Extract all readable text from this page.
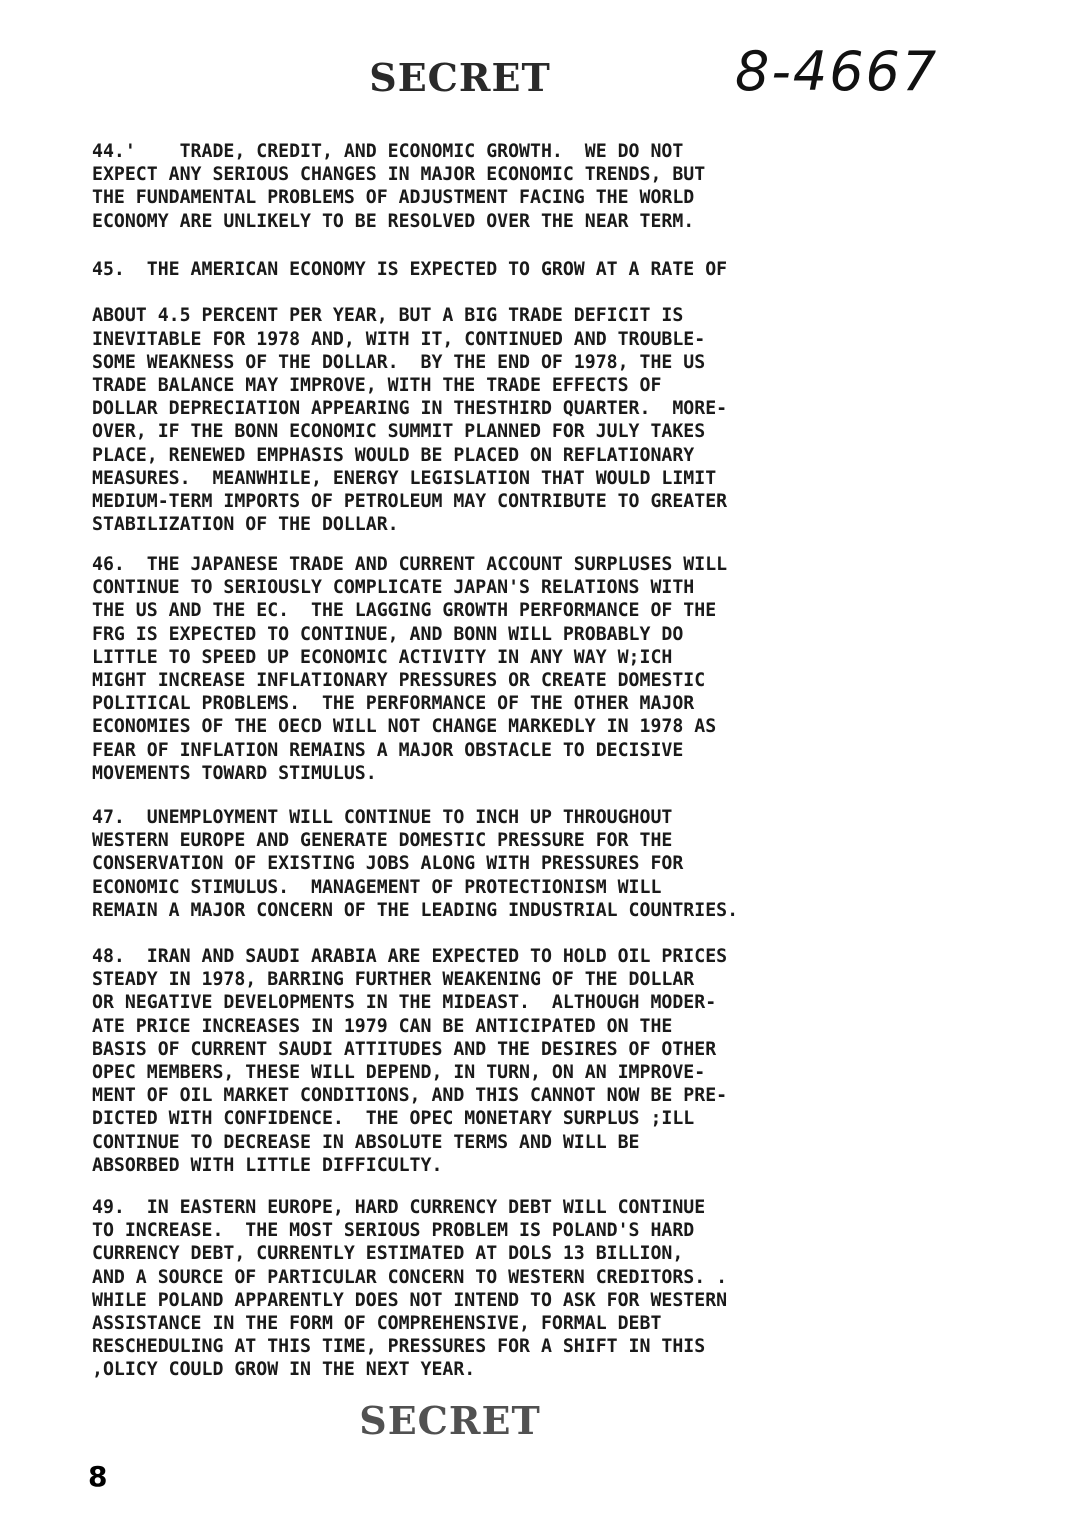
SECRET	8-4667

44.'    TRADE, CREDIT, AND ECONOMIC GROWTH.  WE DO NOT
EXPECT ANY SERIOUS CHANGES IN MAJOR ECONOMIC TRENDS, BUT
THE FUNDAMENTAL PROBLEMS OF ADJUSTMENT FACING THE WORLD
ECONOMY ARE UNLIKELY TO BE RESOLVED OVER THE NEAR TERM.

45.  THE AMERICAN ECONOMY IS EXPECTED TO GROW AT A RATE OF

ABOUT 4.5 PERCENT PER YEAR, BUT A BIG TRADE DEFICIT IS
INEVITABLE FOR 1978 AND, WITH IT, CONTINUED AND TROUBLE-
SOME WEAKNESS OF THE DOLLAR.  BY THE END OF 1978, THE US
TRADE BALANCE MAY IMPROVE, WITH THE TRADE EFFECTS OF
DOLLAR DEPRECIATION APPEARING IN THESTHIRD QUARTER.  MORE-
OVER, IF THE BONN ECONOMIC SUMMIT PLANNED FOR JULY TAKES
PLACE, RENEWED EMPHASIS WOULD BE PLACED ON REFLATIONARY
MEASURES.  MEANWHILE, ENERGY LEGISLATION THAT WOULD LIMIT
MEDIUM-TERM IMPORTS OF PETROLEUM MAY CONTRIBUTE TO GREATER
STABILIZATION OF THE DOLLAR.

46.  THE JAPANESE TRADE AND CURRENT ACCOUNT SURPLUSES WILL
CONTINUE TO SERIOUSLY COMPLICATE JAPAN'S RELATIONS WITH
THE US AND THE EC.  THE LAGGING GROWTH PERFORMANCE OF THE
FRG IS EXPECTED TO CONTINUE, AND BONN WILL PROBABLY DO
LITTLE TO SPEED UP ECONOMIC ACTIVITY IN ANY WAY W;ICH
MIGHT INCREASE INFLATIONARY PRESSURES OR CREATE DOMESTIC
POLITICAL PROBLEMS.  THE PERFORMANCE OF THE OTHER MAJOR
ECONOMIES OF THE OECD WILL NOT CHANGE MARKEDLY IN 1978 AS
FEAR OF INFLATION REMAINS A MAJOR OBSTACLE TO DECISIVE
MOVEMENTS TOWARD STIMULUS.

47.  UNEMPLOYMENT WILL CONTINUE TO INCH UP THROUGHOUT
WESTERN EUROPE AND GENERATE DOMESTIC PRESSURE FOR THE
CONSERVATION OF EXISTING JOBS ALONG WITH PRESSURES FOR
ECONOMIC STIMULUS.  MANAGEMENT OF PROTECTIONISM WILL
REMAIN A MAJOR CONCERN OF THE LEADING INDUSTRIAL COUNTRIES.

48.  IRAN AND SAUDI ARABIA ARE EXPECTED TO HOLD OIL PRICES
STEADY IN 1978, BARRING FURTHER WEAKENING OF THE DOLLAR
OR NEGATIVE DEVELOPMENTS IN THE MIDEAST.  ALTHOUGH MODER-
ATE PRICE INCREASES IN 1979 CAN BE ANTICIPATED ON THE
BASIS OF CURRENT SAUDI ATTITUDES AND THE DESIRES OF OTHER
OPEC MEMBERS, THESE WILL DEPEND, IN TURN, ON AN IMPROVE-
MENT OF OIL MARKET CONDITIONS, AND THIS CANNOT NOW BE PRE-
DICTED WITH CONFIDENCE.  THE OPEC MONETARY SURPLUS ;ILL
CONTINUE TO DECREASE IN ABSOLUTE TERMS AND WILL BE
ABSORBED WITH LITTLE DIFFICULTY.

49.  IN EASTERN EUROPE, HARD CURRENCY DEBT WILL CONTINUE
TO INCREASE.  THE MOST SERIOUS PROBLEM IS POLAND'S HARD
CURRENCY DEBT, CURRENTLY ESTIMATED AT DOLS 13 BILLION,
AND A SOURCE OF PARTICULAR CONCERN TO WESTERN CREDITORS. .
WHILE POLAND APPARENTLY DOES NOT INTEND TO ASK FOR WESTERN
ASSISTANCE IN THE FORM OF COMPREHENSIVE, FORMAL DEBT
RESCHEDULING AT THIS TIME, PRESSURES FOR A SHIFT IN THIS
,OLICY COULD GROW IN THE NEXT YEAR.

SECRET
8
